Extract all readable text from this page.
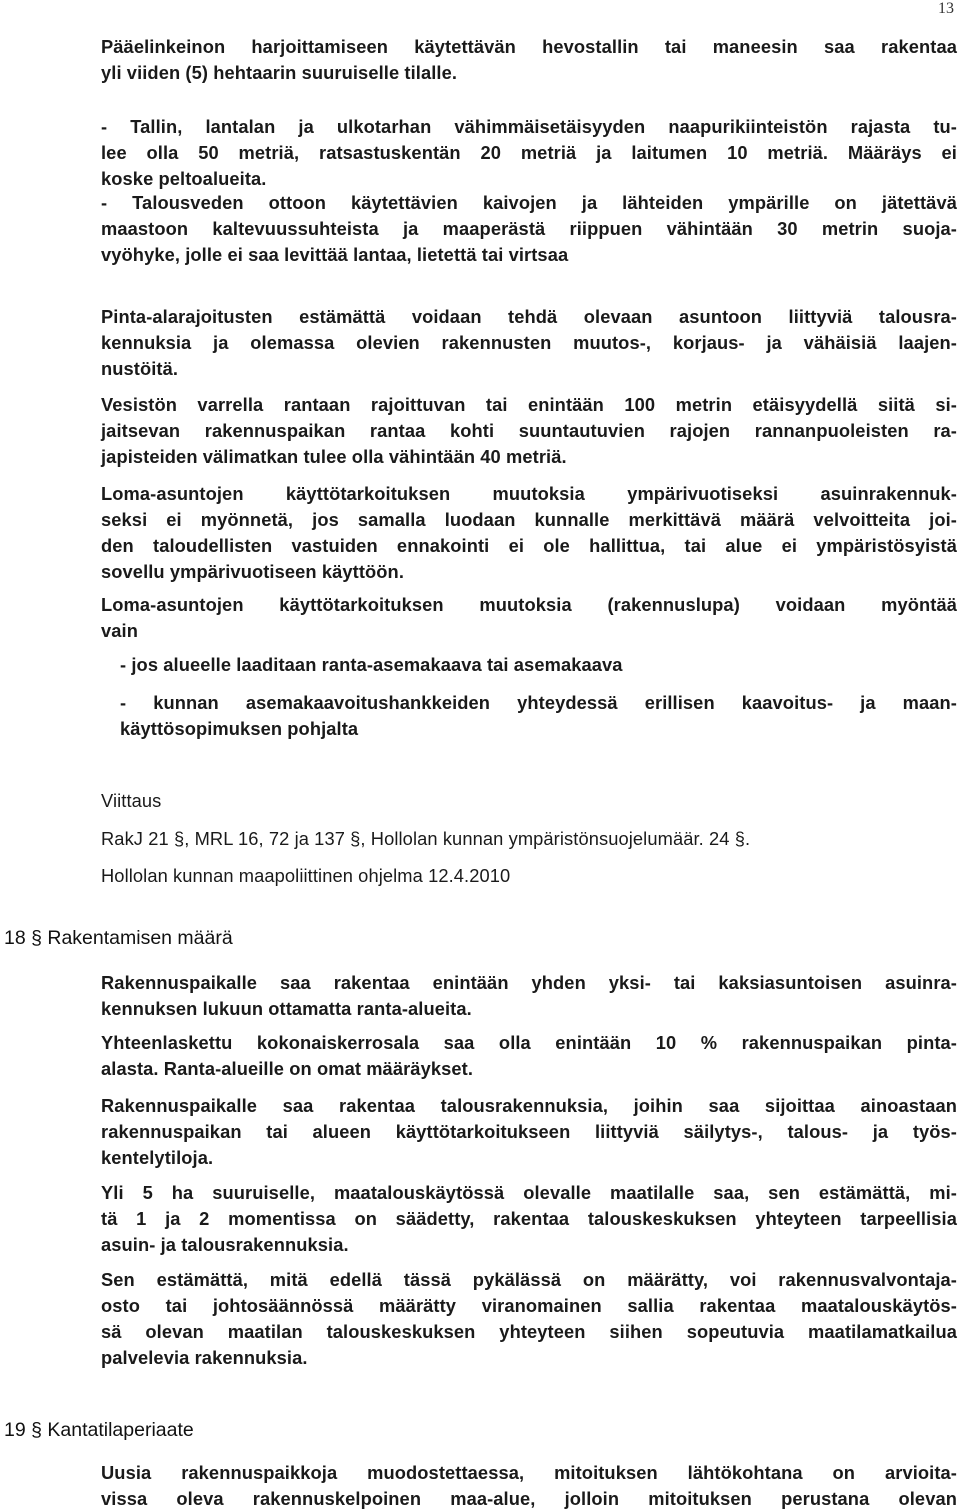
13
Pääelinkeinon harjoittamiseen käytettävän hevostallin tai maneesin saa rakentaa
yli viiden (5) hehtaarin suuruiselle tilalle.
- Tallin, lantalan ja ulkotarhan vähimmäisetäisyyden naapurikiinteistön rajasta tu-
lee olla 50 metriä, ratsastuskentän 20 metriä ja laitumen 10 metriä. Määräys ei
koske peltoalueita.
- Talousveden ottoon käytettävien kaivojen ja lähteiden ympärille on jätettävä
maastoon kaltevuussuhteista ja maaperästä riippuen vähintään 30 metrin suoja-
vyöhyke, jolle ei saa levittää lantaa, lietettä tai virtsaa
Pinta-alarajoitusten estämättä voidaan tehdä olevaan asuntoon liittyviä talousra-
kennuksia ja olemassa olevien rakennusten muutos-, korjaus- ja vähäisiä laajen-
nustöitä.
Vesistön varrella rantaan rajoittuvan tai enintään 100 metrin etäisyydellä siitä si-
jaitsevan rakennuspaikan rantaa kohti suuntautuvien rajojen rannanpuoleisten ra-
japisteiden välimatkan tulee olla vähintään 40 metriä.
Loma-asuntojen käyttötarkoituksen muutoksia ympärivuotiseksi asuinrakennuk-
seksi ei myönnetä, jos samalla luodaan kunnalle merkittävä määrä velvoitteita joi-
den taloudellisten vastuiden ennakointi ei ole hallittua, tai alue ei ympäristösyistä
sovellu ympärivuotiseen käyttöön.
Loma-asuntojen käyttötarkoituksen muutoksia (rakennuslupa) voidaan myöntää
vain
- jos alueelle laaditaan ranta-asemakaava tai asemakaava
- kunnan asemakaavoitushankkeiden yhteydessä erillisen kaavoitus- ja maan-
käyttösopimuksen pohjalta
Viittaus
RakJ 21 §, MRL 16, 72 ja 137 §, Hollolan kunnan ympäristönsuojelumäär. 24 §.
Hollolan kunnan maapoliittinen ohjelma 12.4.2010
18 § Rakentamisen määrä
Rakennuspaikalle saa rakentaa enintään yhden yksi- tai kaksiasuntoisen asuinra-
kennuksen lukuun ottamatta ranta-alueita.
Yhteenlaskettu kokonaiskerrosala saa olla enintään 10 % rakennuspaikan pinta-
alasta. Ranta-alueille on omat määräykset.
Rakennuspaikalle saa rakentaa talousrakennuksia, joihin saa sijoittaa ainoastaan
rakennuspaikan tai alueen käyttötarkoitukseen liittyviä säilytys-, talous- ja työs-
kentelytiloja.
Yli 5 ha suuruiselle, maatalouskäytössä olevalle maatilalle saa, sen estämättä, mi-
tä 1 ja 2 momentissa on säädetty, rakentaa talouskeskuksen yhteyteen tarpeellisia
asuin- ja talousrakennuksia.
Sen estämättä, mitä edellä tässä pykälässä on määrätty, voi rakennusvalvontaja-
osto tai johtosäännössä määrätty viranomainen sallia rakentaa maatalouskäytös-
sä olevan maatilan talouskeskuksen yhteyteen siihen sopeutuvia maatilamatkailua
palvelevia rakennuksia.
19 § Kantatilaperiaate
Uusia rakennuspaikkoja muodostettaessa, mitoituksen lähtökohtana on arvioita-
vissa oleva rakennuskelpoinen maa-alue, jolloin mitoituksen perustana olevan
